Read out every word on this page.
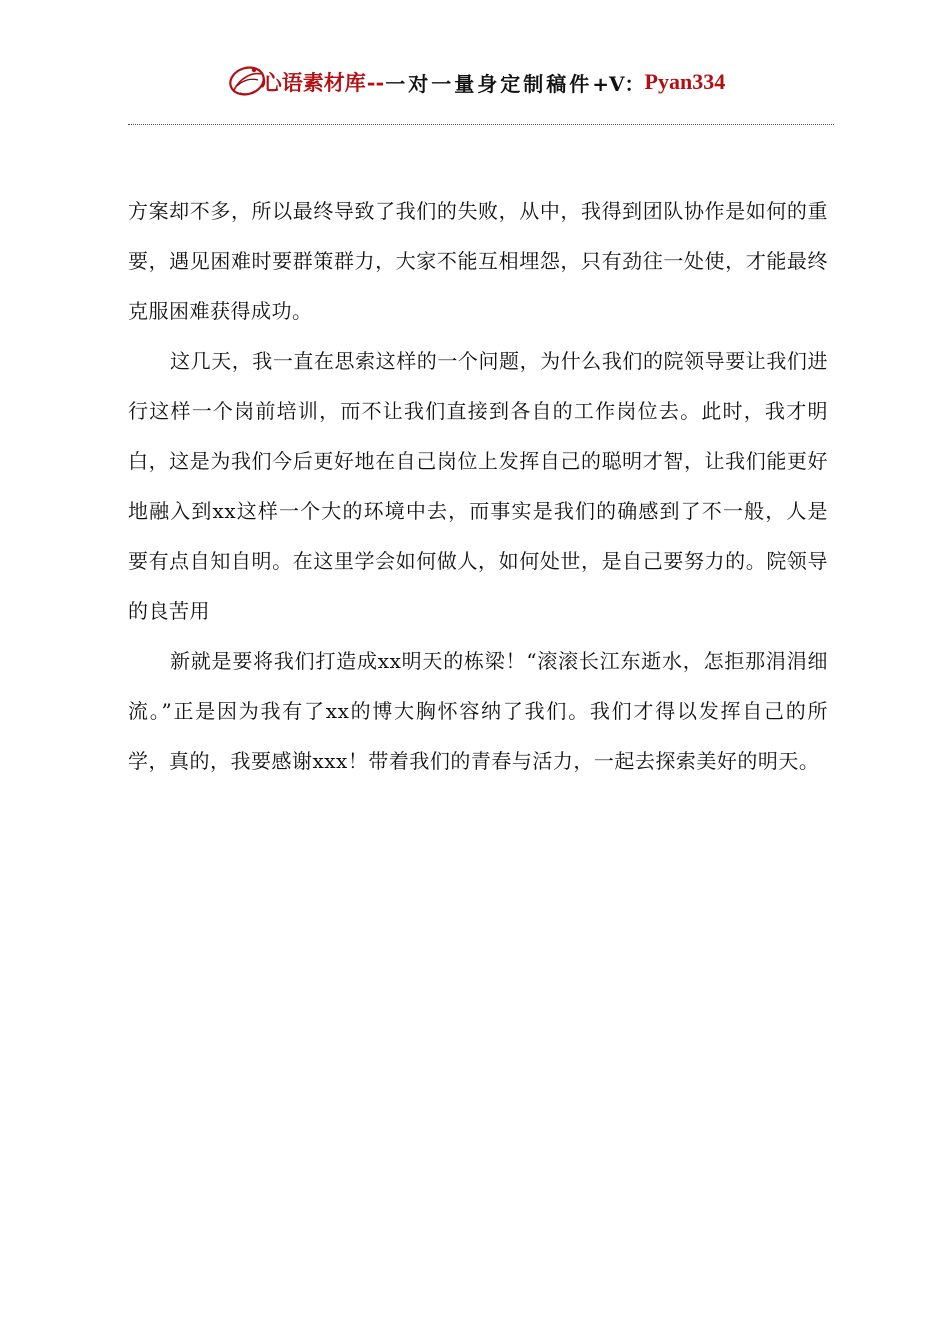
心语素材库 -- 一对一量身定制稿件 +V： Pyan334

方案却不多，所以最终导致了我们的失败，从中，我得到团队协作是如何的重要，遇见困难时要群策群力，大家不能互相埋怨，只有劲往一处使，才能最终克服困难获得成功。

这几天，我一直在思索这样的一个问题，为什么我们的院领导要让我们进行这样一个岗前培训，而不让我们直接到各自的工作岗位去。此时，我才明白，这是为我们今后更好地在自己岗位上发挥自己的聪明才智，让我们能更好地融入到xx这样一个大的环境中去，而事实是我们的确感到了不一般，人是要有点自知自明。在这里学会如何做人，如何处世，是自己要努力的。院领导的良苦用

新就是要将我们打造成xx明天的栋梁！“滚滚长江东逝水，怎拒那涓涓细流。”正是因为我有了xx的博大胸怀容纳了我们。我们才得以发挥自己的所学，真的，我要感谢xxx！带着我们的青春与活力，一起去探索美好的明天。
